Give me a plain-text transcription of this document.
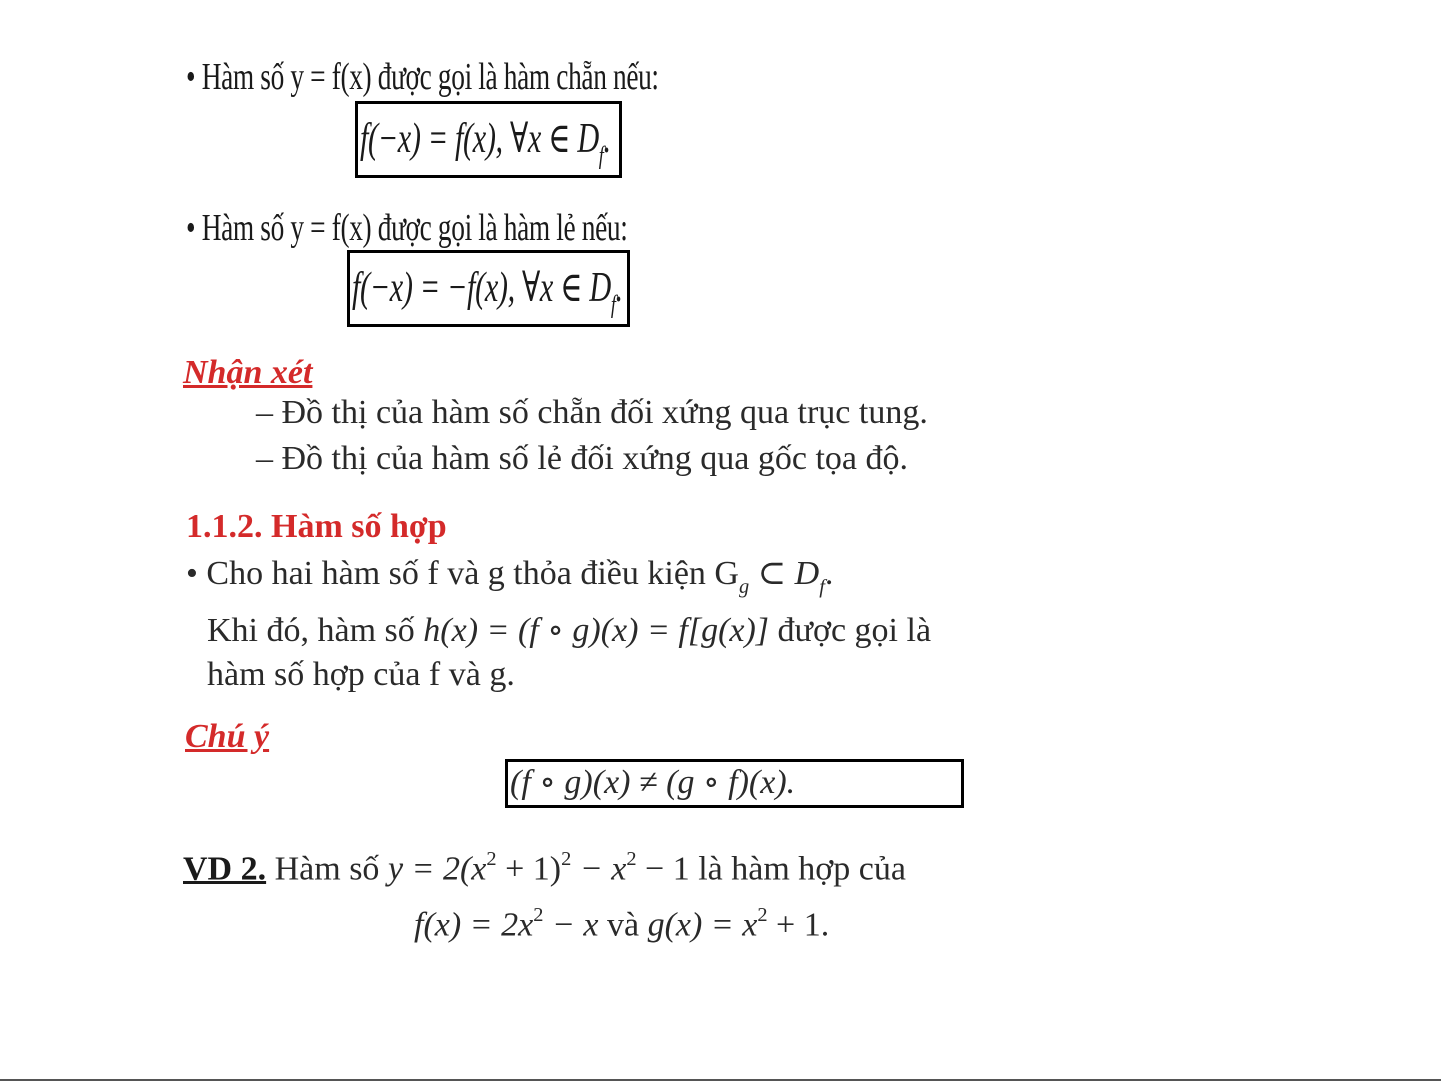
• Hàm số y = f(x) được gọi là hàm chẵn nếu:
f(−x) = f(x), ∀x ∈ $D_f$.
• Hàm số y = f(x) được gọi là hàm lẻ nếu:
f(−x) = −f(x), ∀x ∈ $D_f$.
Nhận xét
– Đồ thị của hàm số chẵn đối xứng qua trục tung.
– Đồ thị của hàm số lẻ đối xứng qua gốc tọa độ.
1.1.2. Hàm số hợp
• Cho hai hàm số f và g thỏa điều kiện $G_g$ ⊂ $D_f$.
Khi đó, hàm số h(x) = (f ∘ g)(x) = f[g(x)] được gọi là
hàm số hợp của f và g.
Chú ý
(f ∘ g)(x) ≠ (g ∘ f)(x).
VD 2. Hàm số $y = 2(x^2 + 1)^2 - x^2 - 1$ là hàm hợp của
$f(x) = 2x^2 - x$ và $g(x) = x^2 + 1$.
